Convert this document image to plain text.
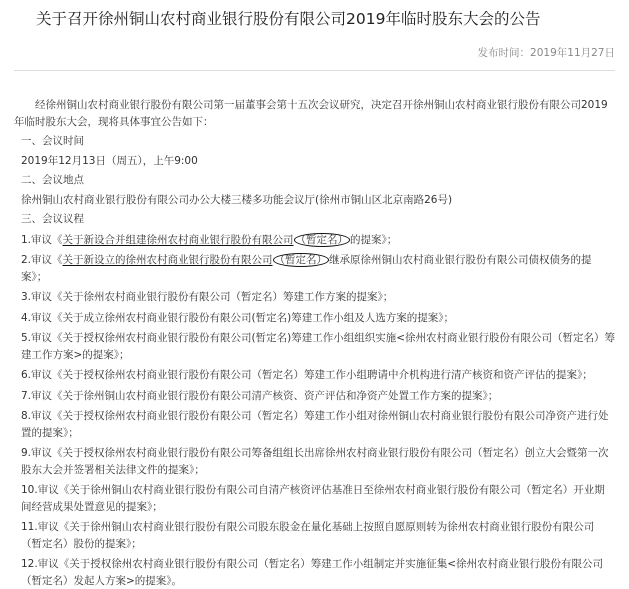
关于召开徐州铜山农村商业银行股份有限公司2019年临时股东大会的公告
发布时间：2019年11月27日

经徐州铜山农村商业银行股份有限公司第一届董事会第十五次会议研究，决定召开徐州铜山农村商业银行股份有限公司2019年临时股东大会，现将具体事宜公告如下：

一、会议时间

2019年12月13日（周五），上午9:00

二、会议地点

徐州铜山农村商业银行股份有限公司办公大楼三楼多功能会议厅(徐州市铜山区北京南路26号)

三、会议议程

1.审议《关于新设合并组建徐州农村商业银行股份有限公司 （暂定名） 的提案》；

2.审议《关于新设立的徐州农村商业银行股份有限公司 （暂定名） 继承原徐州铜山农村商业银行股份有限公司债权债务的提案》；

3.审议《关于徐州农村商业银行股份有限公司（暂定名）筹建工作方案的提案》；

4.审议《关于成立徐州农村商业银行股份有限公司(暂定名)筹建工作小组及人选方案的提案》；

5.审议《关于授权徐州农村商业银行股份有限公司(暂定名)筹建工作小组组织实施<徐州农村商业银行股份有限公司（暂定名）筹建工作方案>的提案》；

6.审议《关于授权徐州农村商业银行股份有限公司（暂定名）筹建工作小组聘请中介机构进行清产核资和资产评估的提案》；

7.审议《关于徐州铜山农村商业银行股份有限公司清产核资、资产评估和净资产处置工作方案的提案》；

8.审议《关于授权徐州农村商业银行股份有限公司（暂定名）筹建工作小组对徐州铜山农村商业银行股份有限公司净资产进行处置的提案》；

9.审议《关于授权徐州农村商业银行股份有限公司筹备组组长出席徐州农村商业银行股份有限公司（暂定名）创立大会暨第一次股东大会并签署相关法律文件的提案》；

10.审议《关于徐州铜山农村商业银行股份有限公司自清产核资评估基准日至徐州农村商业银行股份有限公司（暂定名）开业期间经营成果处置意见的提案》；

11.审议《关于徐州铜山农村商业银行股份有限公司股东股金在量化基础上按照自愿原则转为徐州农村商业银行股份有限公司（暂定名）股份的提案》；

12.审议《关于授权徐州农村商业银行股份有限公司（暂定名）筹建工作小组制定并实施征集<徐州农村商业银行股份有限公司（暂定名）发起人方案>的提案》。
